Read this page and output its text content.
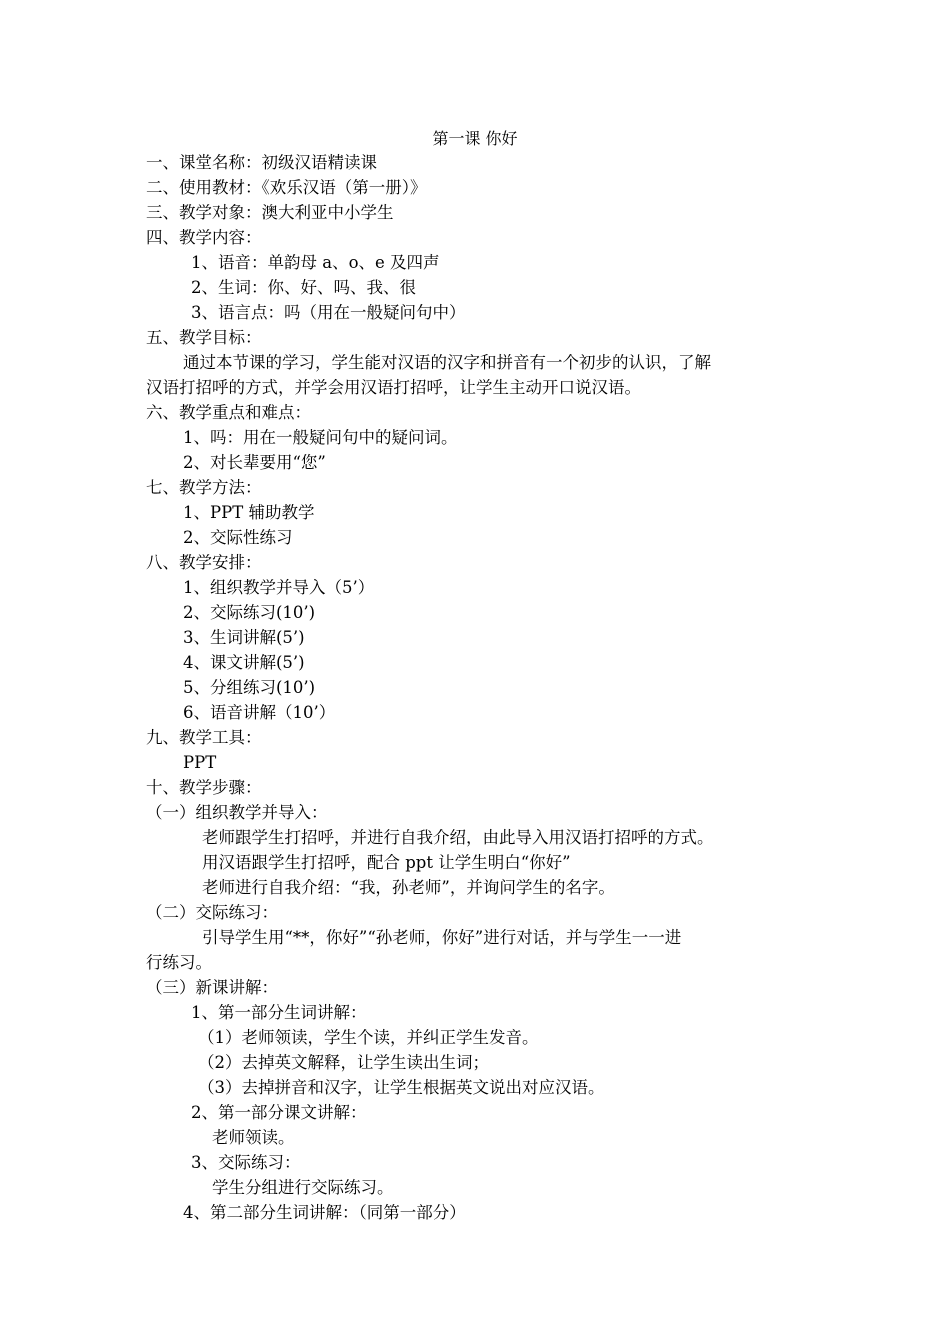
第一课 你好
一、课堂名称：初级汉语精读课
二、使用教材：《欢乐汉语（第一册）》
三、教学对象：澳大利亚中小学生
四、教学内容：
1、语音：单韵母 a、o、e 及四声
2、生词：你、好、吗、我、很
3、语言点：吗（用在一般疑问句中）
五、教学目标：
通过本节课的学习，学生能对汉语的汉字和拼音有一个初步的认识，了解
汉语打招呼的方式，并学会用汉语打招呼，让学生主动开口说汉语。
六、教学重点和难点：
1、吗：用在一般疑问句中的疑问词。
2、对长辈要用“您”
七、教学方法：
1、PPT 辅助教学
2、交际性练习
八、教学安排：
1、组织教学并导入（5’）
2、交际练习(10’)
3、生词讲解(5’)
4、课文讲解(5’)
5、分组练习(10’)
6、语音讲解（10’）
九、教学工具：
PPT
十、教学步骤：
（一）组织教学并导入：
老师跟学生打招呼，并进行自我介绍，由此导入用汉语打招呼的方式。
用汉语跟学生打招呼，配合 ppt 让学生明白“你好”
老师进行自我介绍：“我，孙老师”，并询问学生的名字。
（二）交际练习：
引导学生用“**，你好”“孙老师，你好”进行对话，并与学生一一进
行练习。
（三）新课讲解：
1、第一部分生词讲解：
（1）老师领读，学生个读，并纠正学生发音。
（2）去掉英文解释，让学生读出生词；
（3）去掉拼音和汉字，让学生根据英文说出对应汉语。
2、第一部分课文讲解：
老师领读。
3、交际练习：
学生分组进行交际练习。
4、第二部分生词讲解：（同第一部分）
